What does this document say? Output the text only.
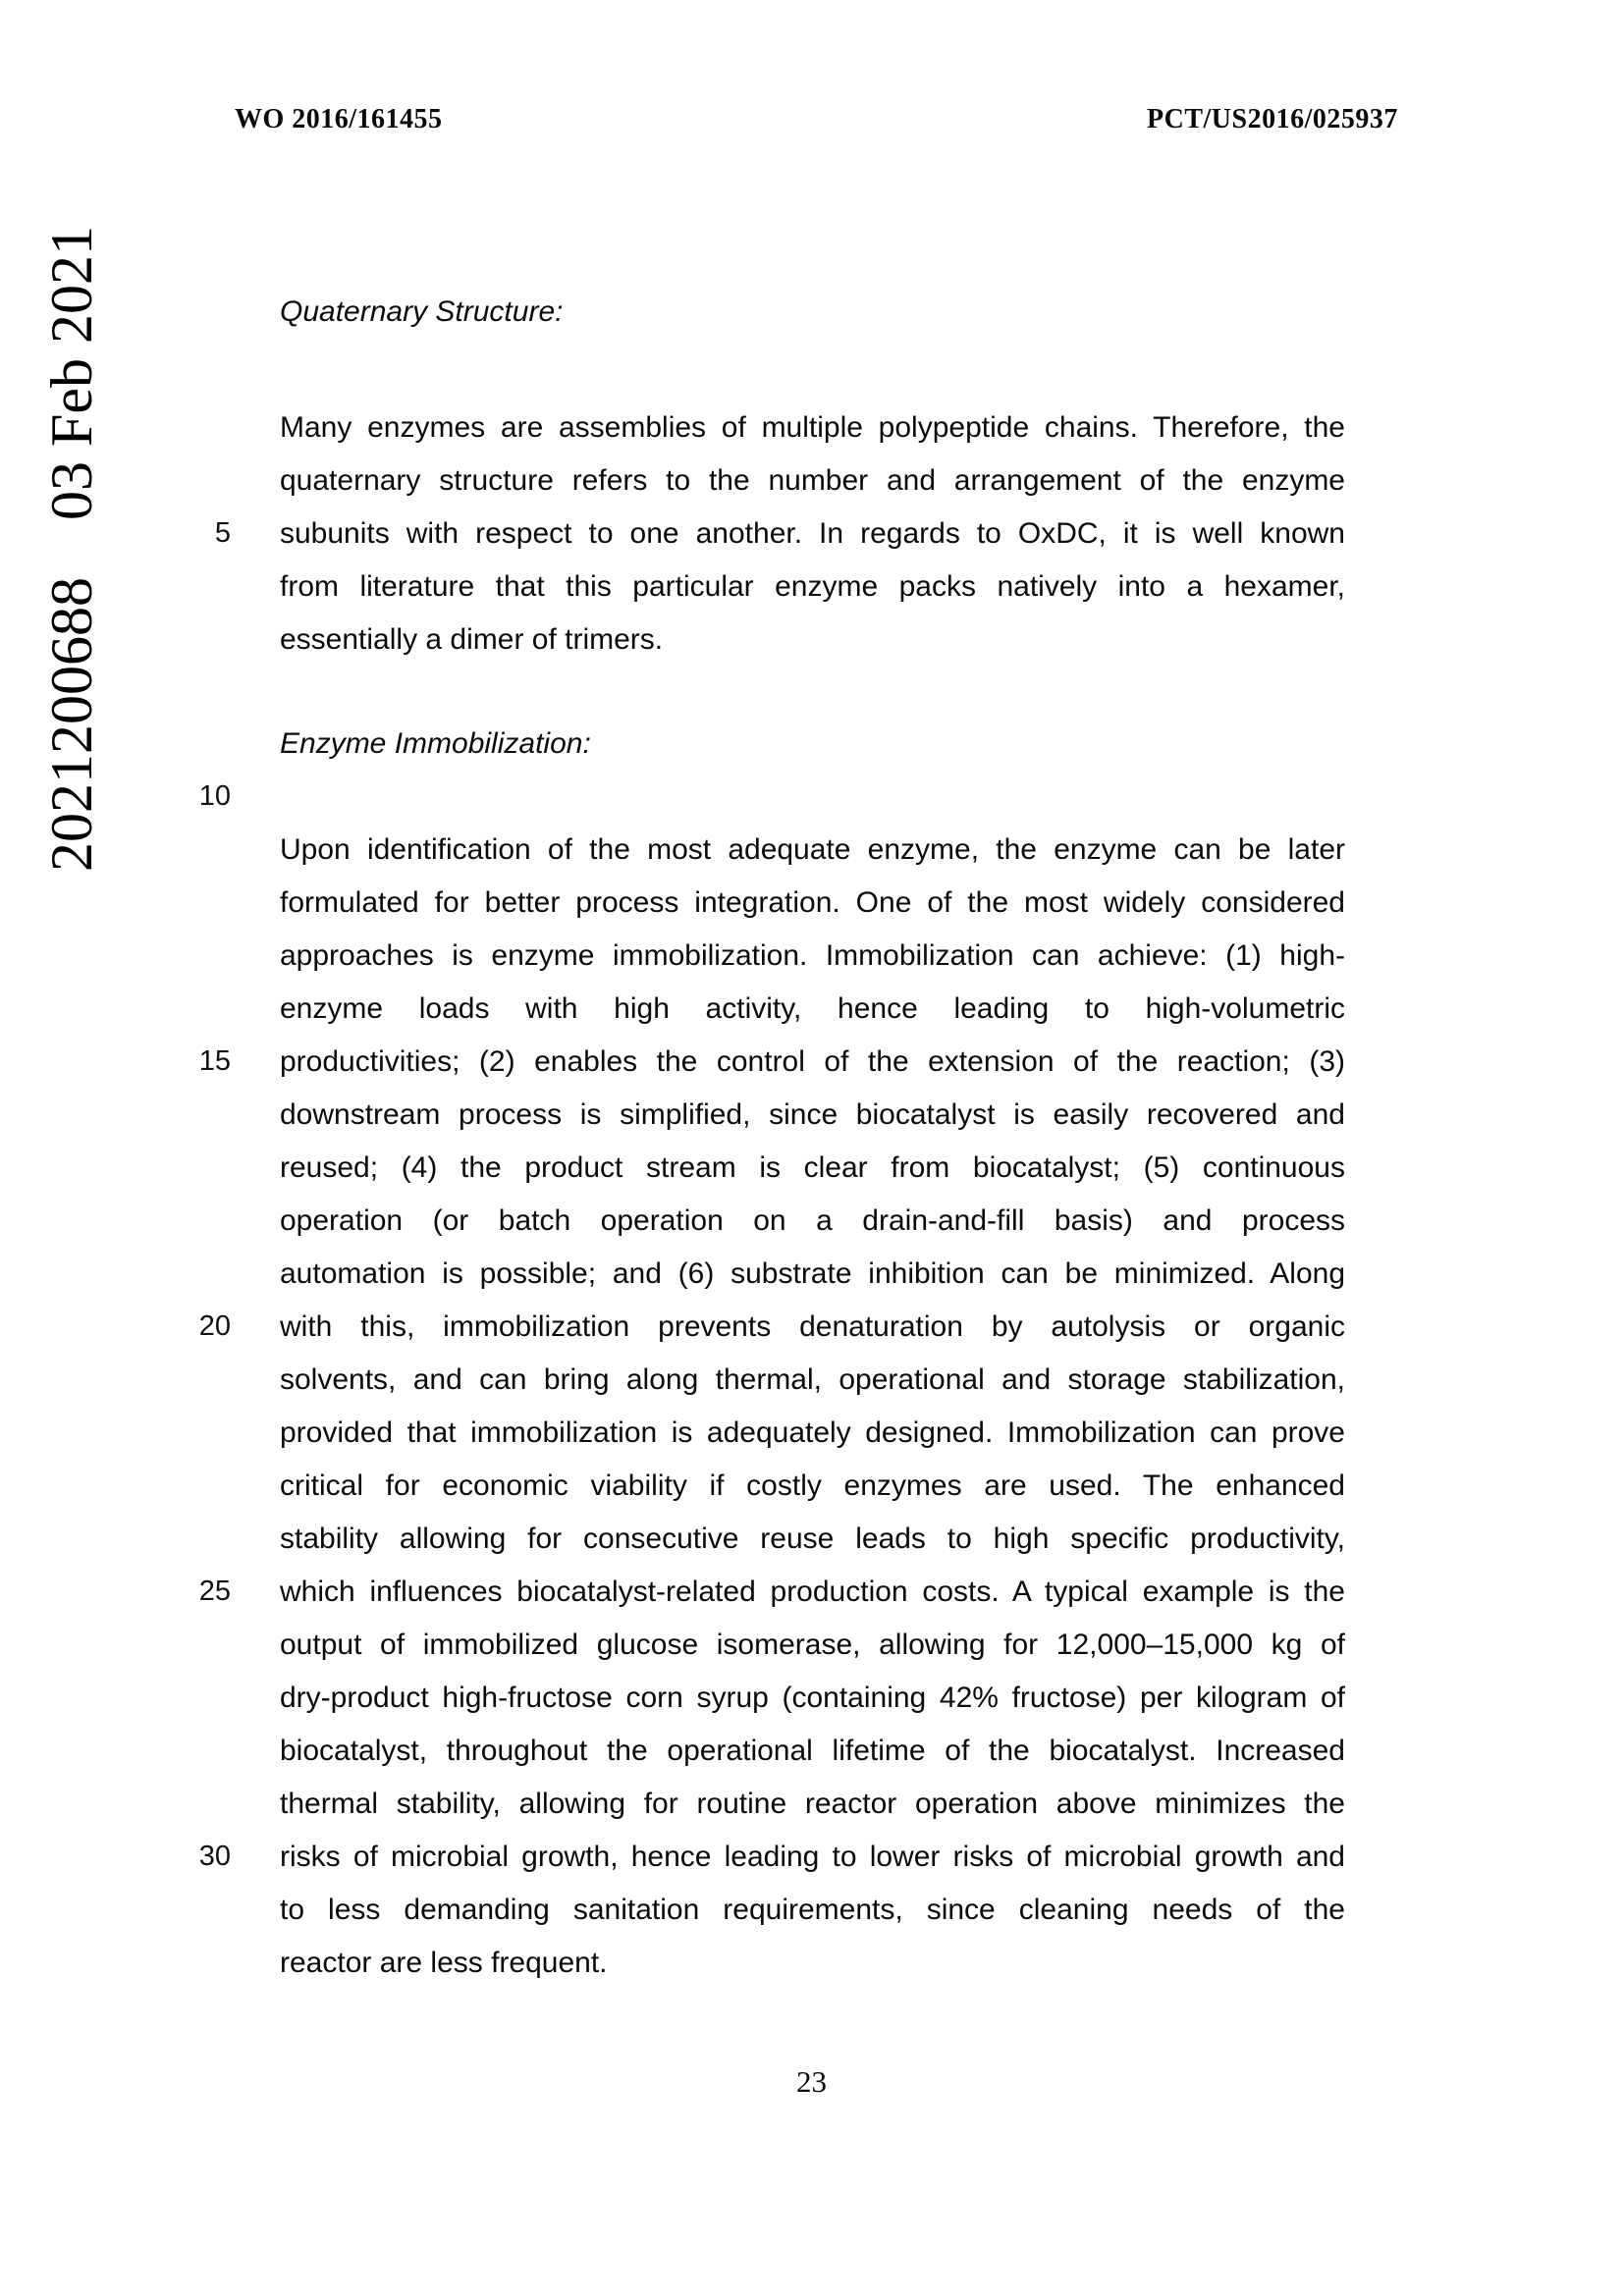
WO 2016/161455	PCT/US2016/025937
202120068803 Feb 2021	Quaternary Structure:
Many enzymes are assemblies of multiple polypeptide chains. Therefore, the
quaternary structure refers to the number and arrangement of the enzyme
5 subunits with respect to one another. In regards to OxDC, it is well known
from literature that this particular enzyme packs natively into a hexamer,
essentially a dimer of trimers.
Enzyme Immobilization:
10
Upon identification of the most adequate enzyme, the enzyme can be later
formulated for better process integration. One of the most widely considered
approaches is enzyme immobilization. Immobilization can achieve: (1) high-
enzyme loads with high activity, hence leading to high-volumetric
15 productivities; (2) enables the control of the extension of the reaction; (3)
downstream process is simplified, since biocatalyst is easily recovered and
reused; (4) the product stream is clear from biocatalyst; (5) continuous
operation (or batch operation on a drain-and-fill basis) and process
automation is possible; and (6) substrate inhibition can be minimized. Along
20 with this, immobilization prevents denaturation by autolysis or organic
solvents, and can bring along thermal, operational and storage stabilization,
provided that immobilization is adequately designed. Immobilization can prove
critical for economic viability if costly enzymes are used. The enhanced
stability allowing for consecutive reuse leads to high specific productivity,
25 which influences biocatalyst-related production costs. A typical example is the
output of immobilized glucose isomerase, allowing for 12,000–15,000 kg of
dry-product high-fructose corn syrup (containing 42% fructose) per kilogram of
biocatalyst, throughout the operational lifetime of the biocatalyst. Increased
thermal stability, allowing for routine reactor operation above minimizes the
30 risks of microbial growth, hence leading to lower risks of microbial growth and
to less demanding sanitation requirements, since cleaning needs of the
reactor are less frequent.
23
